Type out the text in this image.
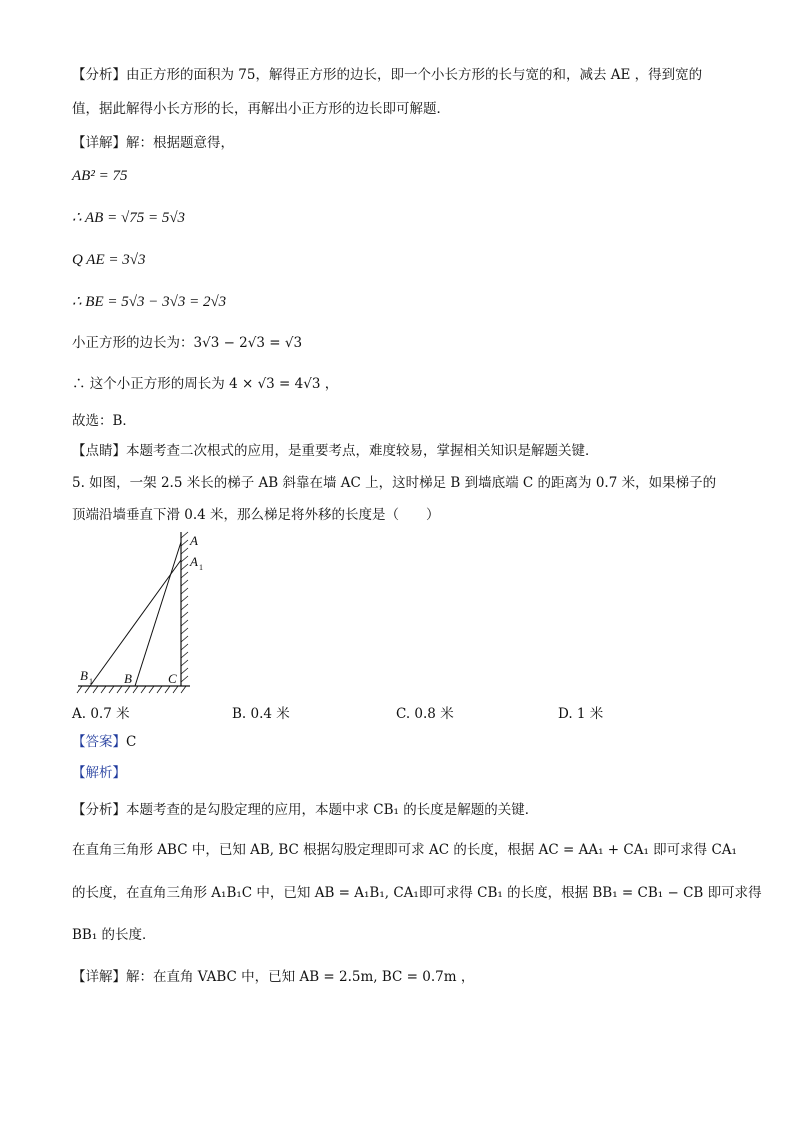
【分析】由正方形的面积为 75，解得正方形的边长，即一个小长方形的长与宽的和，减去 AE ，得到宽的
值，据此解得小长方形的长，再解出小正方形的边长即可解题．
【详解】解：根据题意得，
AB² = 75
∴ AB = √75 = 5√3
Q AE = 3√3
∴ BE = 5√3 − 3√3 = 2√3
小正方形的边长为：3√3 − 2√3 = √3
∴ 这个小正方形的周长为 4 × √3 = 4√3 ，
故选：B．
【点睛】本题考查二次根式的应用，是重要考点，难度较易，掌握相关知识是解题关键．
5. 如图，一架 2.5 米长的梯子 AB 斜靠在墙 AC 上，这时梯足 B 到墙底端 C 的距离为 0.7 米，如果梯子的
顶端沿墙垂直下滑 0.4 米，那么梯足将外移的长度是（　　）
A
A 1
B 1 B	C
A. 0.7 米	B. 0.4 米	C. 0.8 米	D. 1 米
【答案】C
【解析】
【分析】本题考查的是勾股定理的应用，本题中求 CB₁ 的长度是解题的关键．
在直角三角形 ABC 中，已知 AB, BC 根据勾股定理即可求 AC 的长度，根据 AC = AA₁ + CA₁ 即可求得 CA₁
的长度，在直角三角形 A₁B₁C 中，已知 AB = A₁B₁, CA₁即可求得 CB₁ 的长度，根据 BB₁ = CB₁ − CB 即可求得
BB₁ 的长度．
【详解】解：在直角 VABC 中，已知 AB = 2.5m, BC = 0.7m ，
